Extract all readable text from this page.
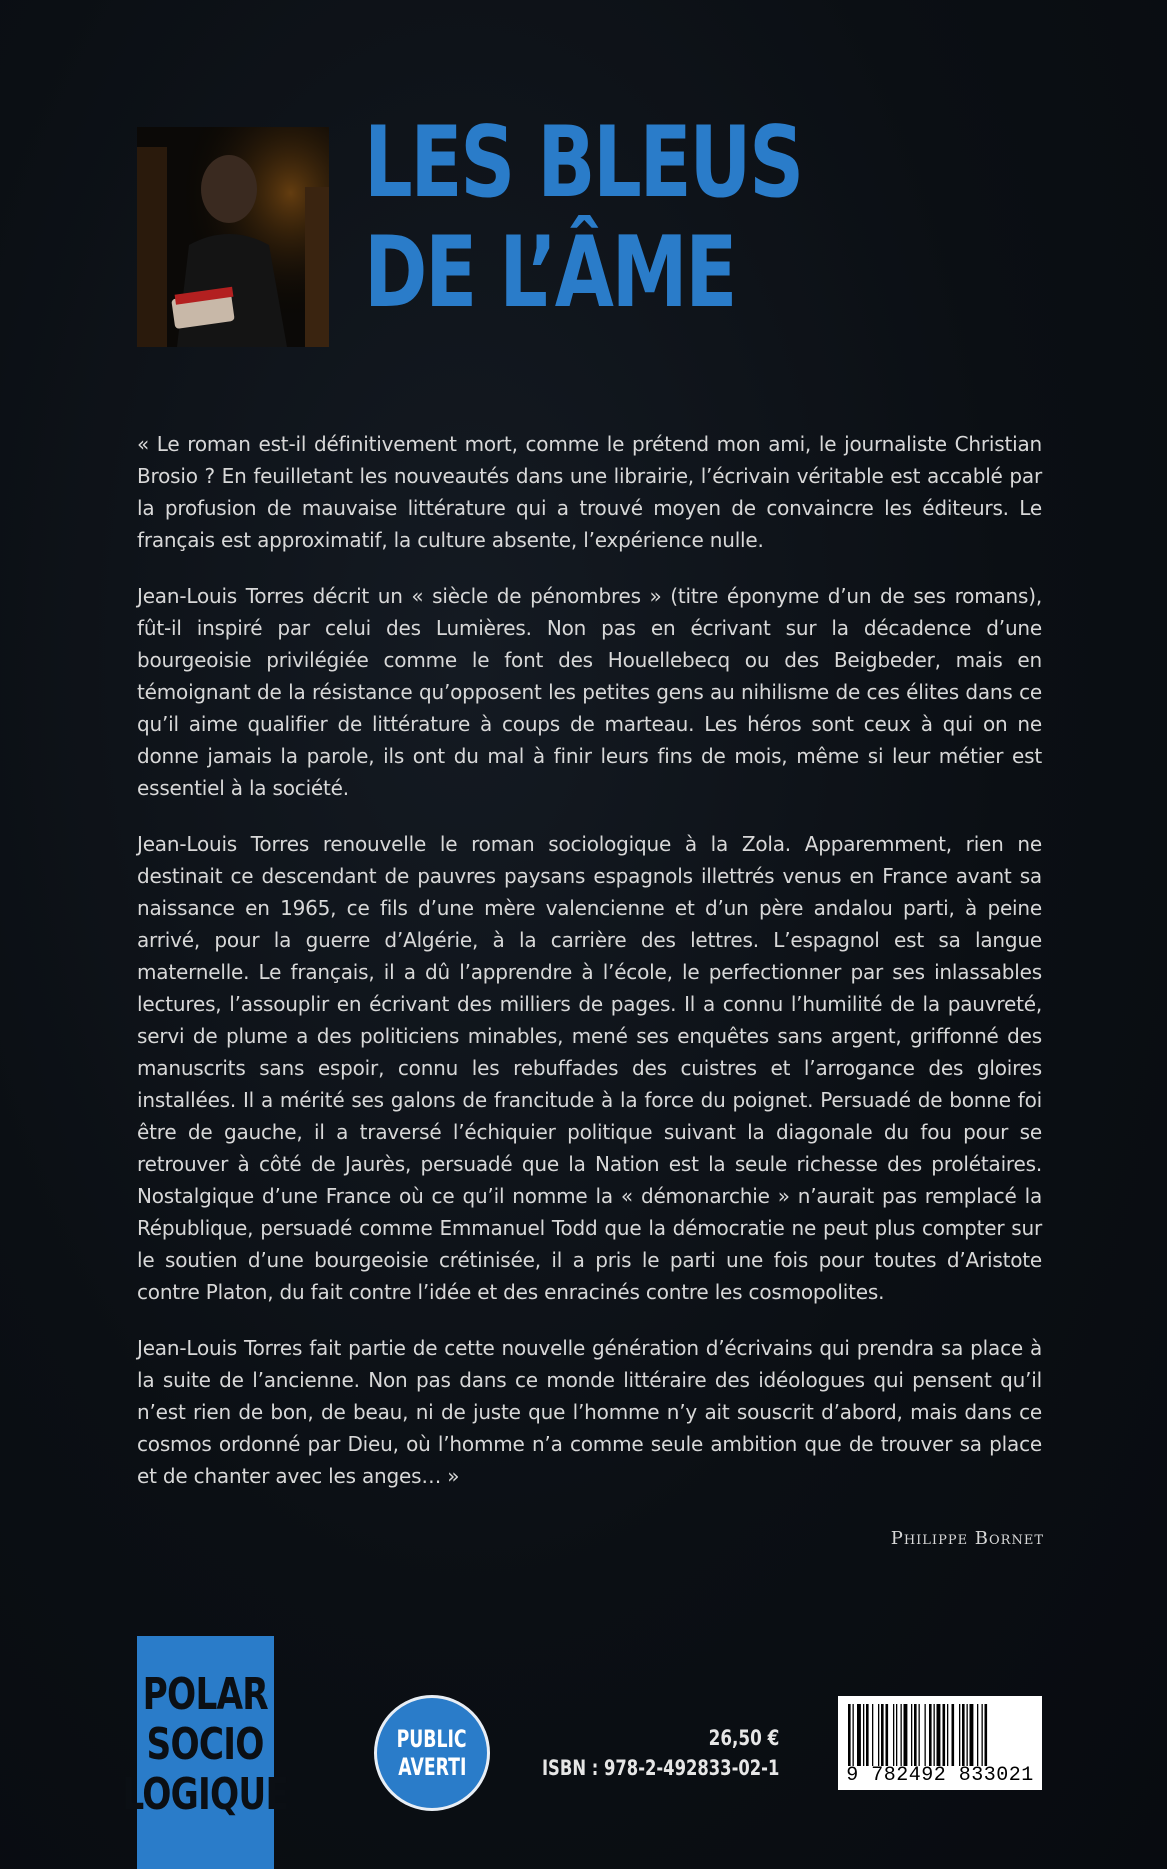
LES BLEUS
DE L’ÂME

« Le roman est-il définitivement mort, comme le prétend mon ami, le journaliste Christian Brosio ? En feuilletant les nouveautés dans une librairie, l’écrivain véritable est accablé par la profusion de mauvaise littérature qui a trouvé moyen de convaincre les éditeurs. Le français est approximatif, la culture absente, l’expérience nulle.

Jean-Louis Torres décrit un « siècle de pénombres » (titre éponyme d’un de ses romans), fût-il inspiré par celui des Lumières. Non pas en écrivant sur la décadence d’une bourgeoisie privilégiée comme le font des Houellebecq ou des Beigbeder, mais en témoignant de la résistance qu’opposent les petites gens au nihilisme de ces élites dans ce qu’il aime qualifier de littérature à coups de marteau. Les héros sont ceux à qui on ne donne jamais la parole, ils ont du mal à finir leurs fins de mois, même si leur métier est essentiel à la société.

Jean-Louis Torres renouvelle le roman sociologique à la Zola. Apparemment, rien ne destinait ce descendant de pauvres paysans espagnols illettrés venus en France avant sa naissance en 1965, ce fils d’une mère valencienne et d’un père andalou parti, à peine arrivé, pour la guerre d’Algérie, à la carrière des lettres. L’espagnol est sa langue maternelle. Le français, il a dû l’apprendre à l’école, le perfectionner par ses inlassables lectures, l’assouplir en écrivant des milliers de pages. Il a connu l’humilité de la pauvreté, servi de plume a des politiciens minables, mené ses enquêtes sans argent, griffonné des manuscrits sans espoir, connu les rebuffades des cuistres et l’arrogance des gloires installées. Il a mérité ses galons de francitude à la force du poignet. Persuadé de bonne foi être de gauche, il a traversé l’échiquier politique suivant la diagonale du fou pour se retrouver à côté de Jaurès, persuadé que la Nation est la seule richesse des prolétaires. Nostalgique d’une France où ce qu’il nomme la « démonarchie » n’aurait pas remplacé la République, persuadé comme Emmanuel Todd que la démocratie ne peut plus compter sur le soutien d’une bourgeoisie crétinisée, il a pris le parti une fois pour toutes d’Aristote contre Platon, du fait contre l’idée et des enracinés contre les cosmopolites.

Jean-Louis Torres fait partie de cette nouvelle génération d’écrivains qui prendra sa place à la suite de l’ancienne. Non pas dans ce monde littéraire des idéologues qui pensent qu’il n’est rien de bon, de beau, ni de juste que l’homme n’y ait souscrit d’abord, mais dans ce cosmos ordonné par Dieu, où l’homme n’a comme seule ambition que de trouver sa place et de chanter avec les anges… »

Philippe Bornet

POLAR
SOCIO
LOGIQUE
PUBLIC
AVERTI

26,50 €

ISBN : 978-2-492833-02-1	9 782492 833021
